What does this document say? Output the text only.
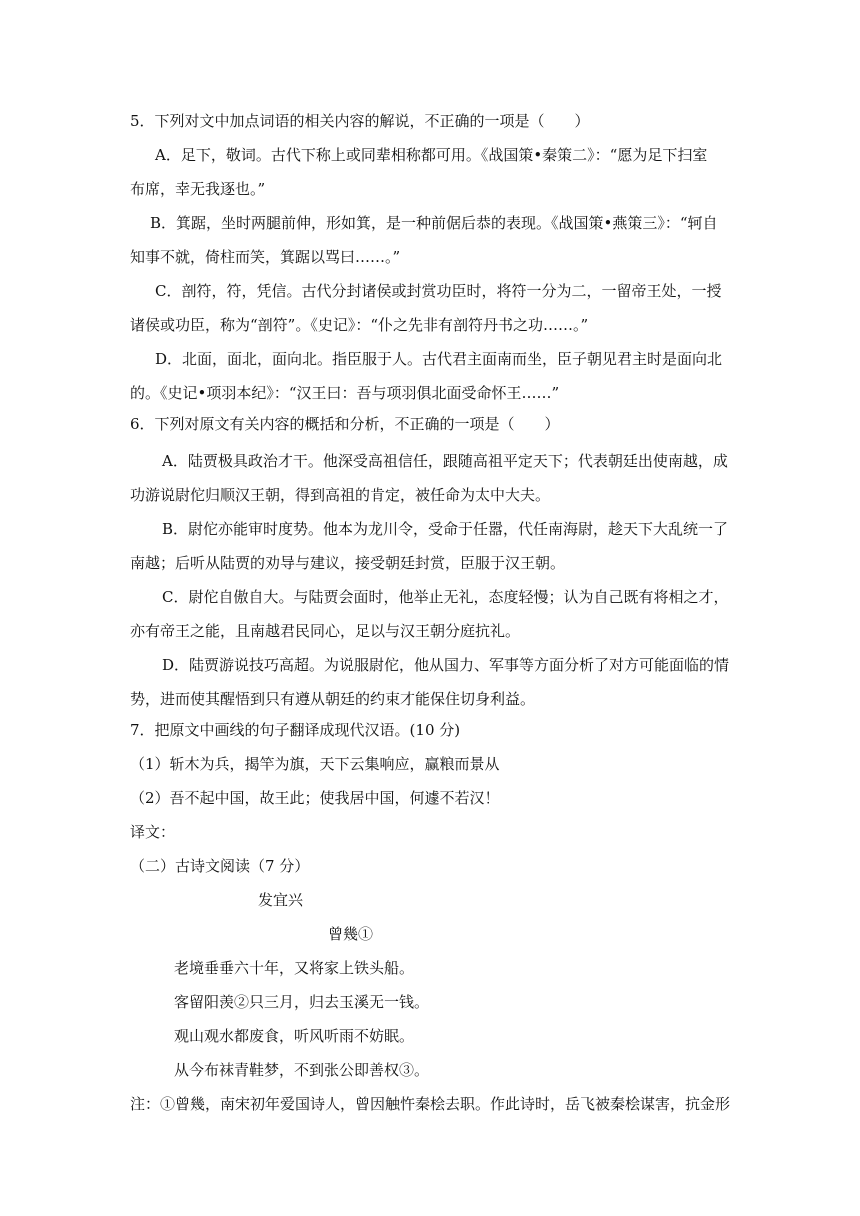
5．下列对文中加点词语的相关内容的解说，不正确的一项是（　　）
A．足下，敬词。古代下称上或同辈相称都可用。《战国策•秦策二》：“愿为足下扫室
布席，幸无我逐也。”
B．箕踞，坐时两腿前伸，形如箕，是一种前倨后恭的表现。《战国策•燕策三》：“轲自
知事不就，倚柱而笑，箕踞以骂曰……。”
C．剖符，符，凭信。古代分封诸侯或封赏功臣时，将符一分为二，一留帝王处，一授
诸侯或功臣，称为“剖符”。《史记》：“仆之先非有剖符丹书之功……。”
D．北面，面北，面向北。指臣服于人。古代君主面南而坐，臣子朝见君主时是面向北
的。《史记•项羽本纪》：“汉王曰：吾与项羽俱北面受命怀王……”
6．下列对原文有关内容的概括和分析，不正确的一项是（　　）
A．陆贾极具政治才干。他深受高祖信任，跟随高祖平定天下；代表朝廷出使南越，成
功游说尉佗归顺汉王朝，得到高祖的肯定，被任命为太中大夫。
B．尉佗亦能审时度势。他本为龙川令，受命于任嚣，代任南海尉，趁天下大乱统一了
南越；后听从陆贾的劝导与建议，接受朝廷封赏，臣服于汉王朝。
C．尉佗自傲自大。与陆贾会面时，他举止无礼，态度轻慢；认为自己既有将相之才，
亦有帝王之能，且南越君民同心，足以与汉王朝分庭抗礼。
D．陆贾游说技巧高超。为说服尉佗，他从国力、军事等方面分析了对方可能面临的情
势，进而使其醒悟到只有遵从朝廷的约束才能保住切身利益。
7．把原文中画线的句子翻译成现代汉语。(10 分)
（1）斩木为兵，揭竿为旗，天下云集响应，赢粮而景从
（2）吾不起中国，故王此；使我居中国，何遽不若汉！
译文：
（二）古诗文阅读（7 分）
发宜兴
曾幾①
老境垂垂六十年，又将家上铁头船。
客留阳羡②只三月，归去玉溪无一钱。
观山观水都废食，听风听雨不妨眠。
从今布袜青鞋梦，不到张公即善权③。
注：①曾幾，南宋初年爱国诗人，曾因触忤秦桧去职。作此诗时，岳飞被秦桧谋害，抗金形
